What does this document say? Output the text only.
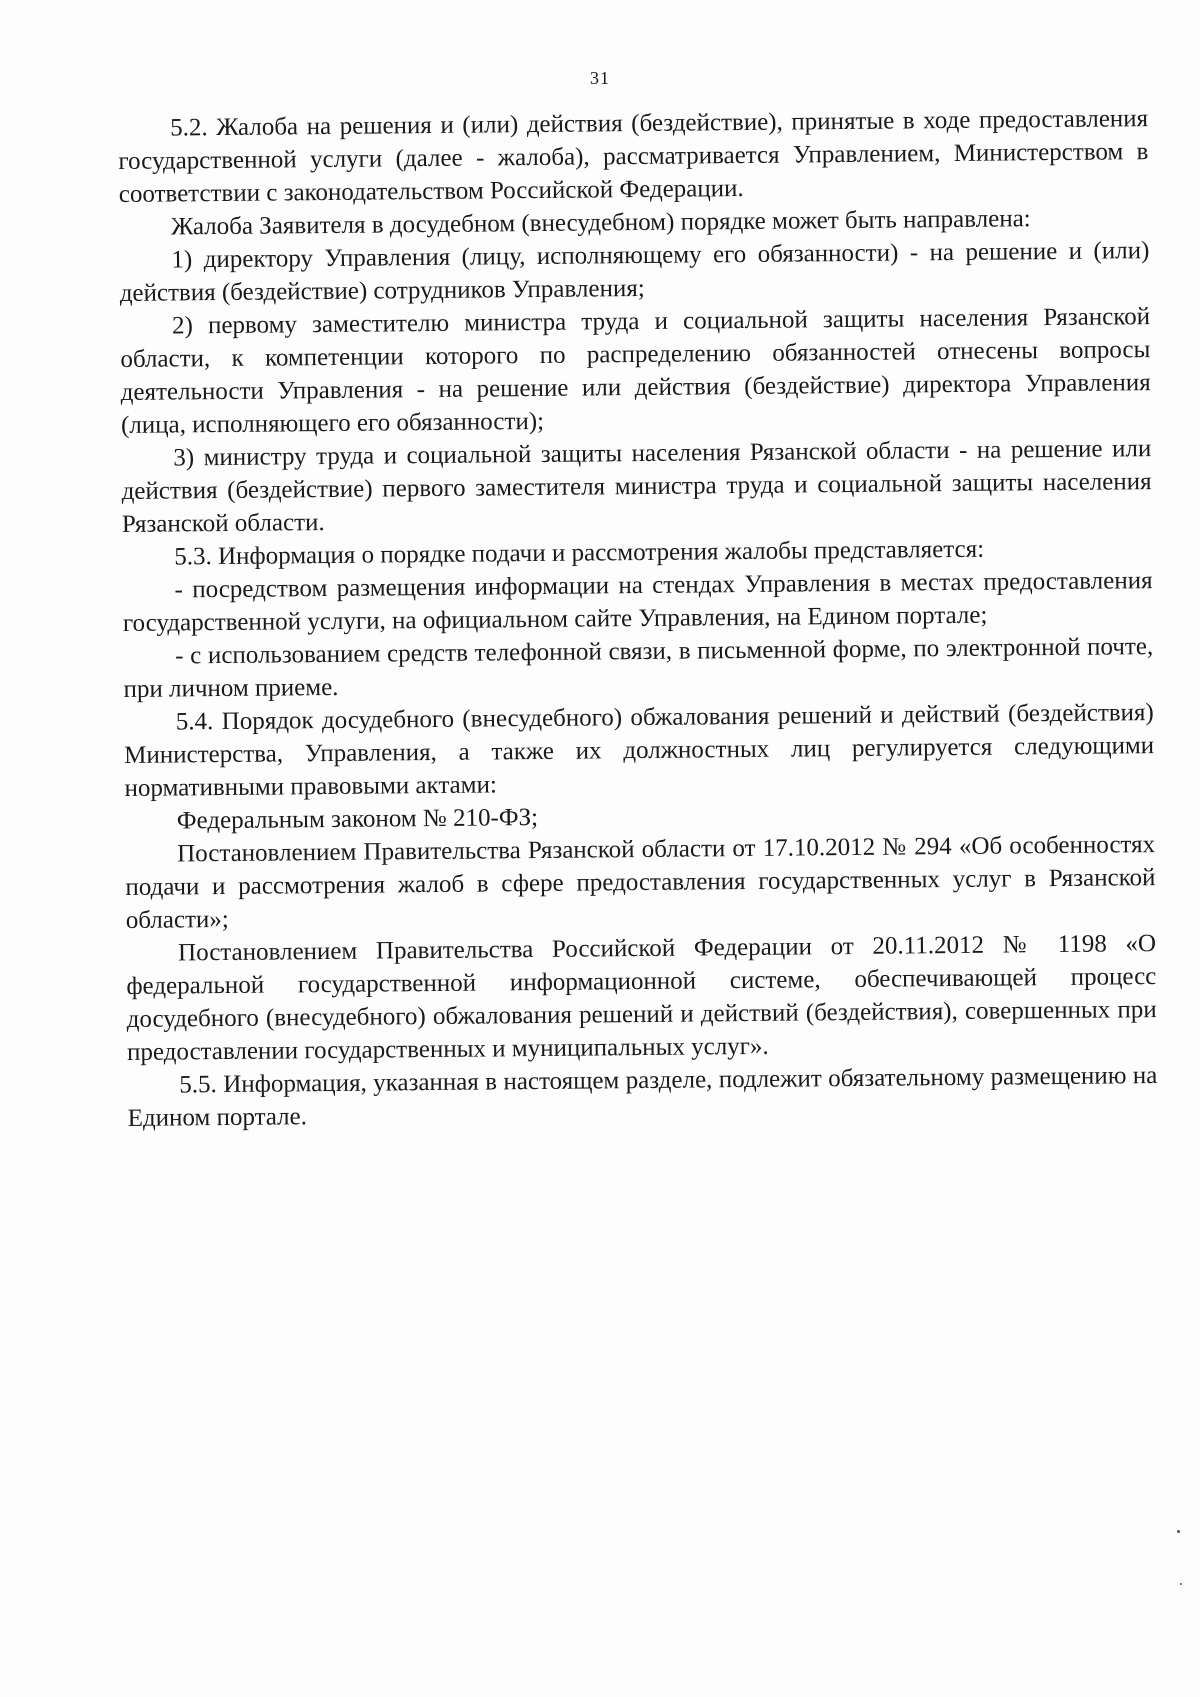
31

5.2. Жалоба на решения и (или) действия (бездействие), принятые в ходе предоставления государственной услуги (далее - жалоба), рассматривается Управлением, Министерством в соответствии с законодательством Российской Федерации.

Жалоба Заявителя в досудебном (внесудебном) порядке может быть направлена:

1) директору Управления (лицу, исполняющему его обязанности) - на решение и (или) действия (бездействие) сотрудников Управления;

2) первому заместителю министра труда и социальной защиты населения Рязанской области, к компетенции которого по распределению обязанностей отнесены вопросы деятельности Управления - на решение или действия (бездействие) директора Управления (лица, исполняющего его обязанности);

3) министру труда и социальной защиты населения Рязанской области - на решение или действия (бездействие) первого заместителя министра труда и социальной защиты населения Рязанской области.

5.3. Информация о порядке подачи и рассмотрения жалобы представляется:

- посредством размещения информации на стендах Управления в местах предоставления государственной услуги, на официальном сайте Управления, на Едином портале;

- с использованием средств телефонной связи, в письменной форме, по электронной почте, при личном приеме.

5.4. Порядок досудебного (внесудебного) обжалования решений и действий (бездействия) Министерства, Управления, а также их должностных лиц регулируется следующими нормативными правовыми актами:

Федеральным законом № 210-ФЗ;

Постановлением Правительства Рязанской области от 17.10.2012 № 294 «Об особенностях подачи и рассмотрения жалоб в сфере предоставления государственных услуг в Рязанской области»;

Постановлением Правительства Российской Федерации от 20.11.2012 № 1198 «О федеральной государственной информационной системе, обеспечивающей процесс досудебного (внесудебного) обжалования решений и действий (бездействия), совершенных при предоставлении государственных и муниципальных услуг».

5.5. Информация, указанная в настоящем разделе, подлежит обязательному размещению на Едином портале.
